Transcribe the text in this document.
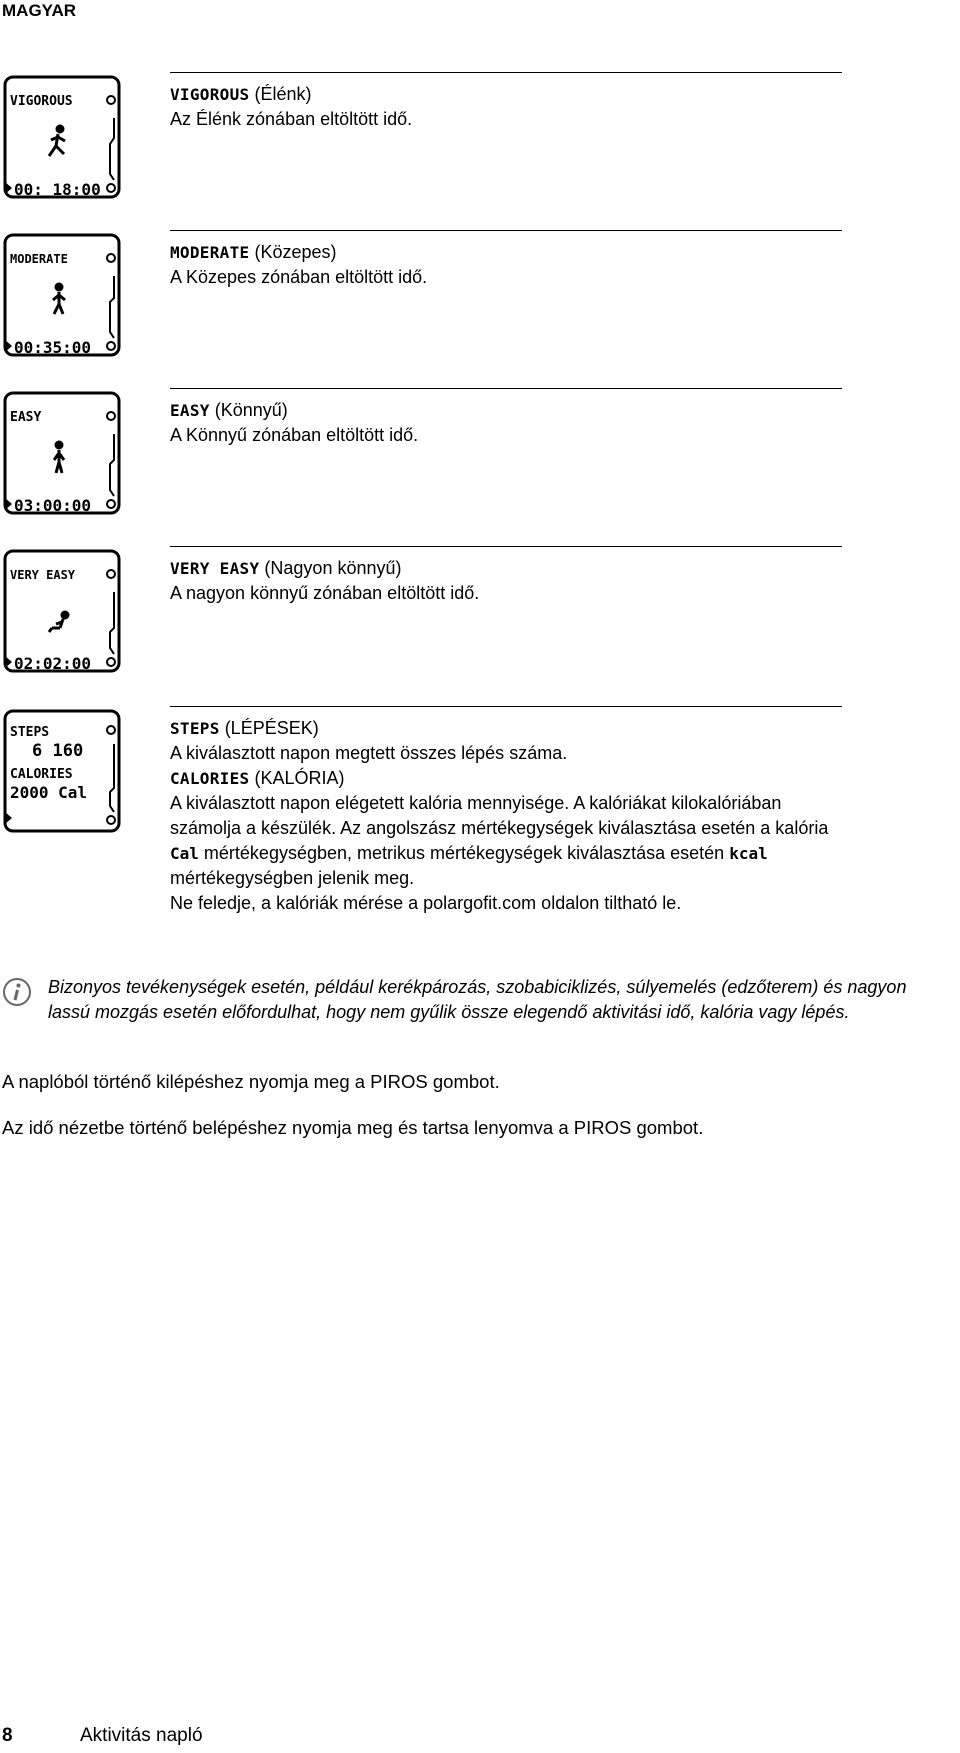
MAGYAR
VIGOROUS
00: 18:00
VIGOROUS (Élénk)
Az Élénk zónában eltöltött idő.
MODERATE
00:35:00
MODERATE (Közepes)
A Közepes zónában eltöltött idő.
EASY
03:00:00
EASY (Könnyű)
A Könnyű zónában eltöltött idő.
VERY EASY
02:02:00
VERY EASY (Nagyon könnyű)
A nagyon könnyű zónában eltöltött idő.
STEPS
6 160
CALORIES
2000 Cal
STEPS (LÉPÉSEK)
A kiválasztott napon megtett összes lépés száma.
CALORIES (KALÓRIA)
A kiválasztott napon elégetett kalória mennyisége. A kalóriákat kilokalóriában
számolja a készülék. Az angolszász mértékegységek kiválasztása esetén a kalória
Cal mértékegységben, metrikus mértékegységek kiválasztása esetén kcal
mértékegységben jelenik meg.
Ne feledje, a kalóriák mérése a polargofit.com oldalon tiltható le.
Bizonyos tevékenységek esetén, például kerékpározás, szobabiciklizés, súlyemelés (edzőterem) és nagyon
lassú mozgás esetén előfordulhat, hogy nem gyűlik össze elegendő aktivitási idő, kalória vagy lépés.
A naplóból történő kilépéshez nyomja meg a PIROS gombot.
Az idő nézetbe történő belépéshez nyomja meg és tartsa lenyomva a PIROS gombot.
8	Aktivitás napló
